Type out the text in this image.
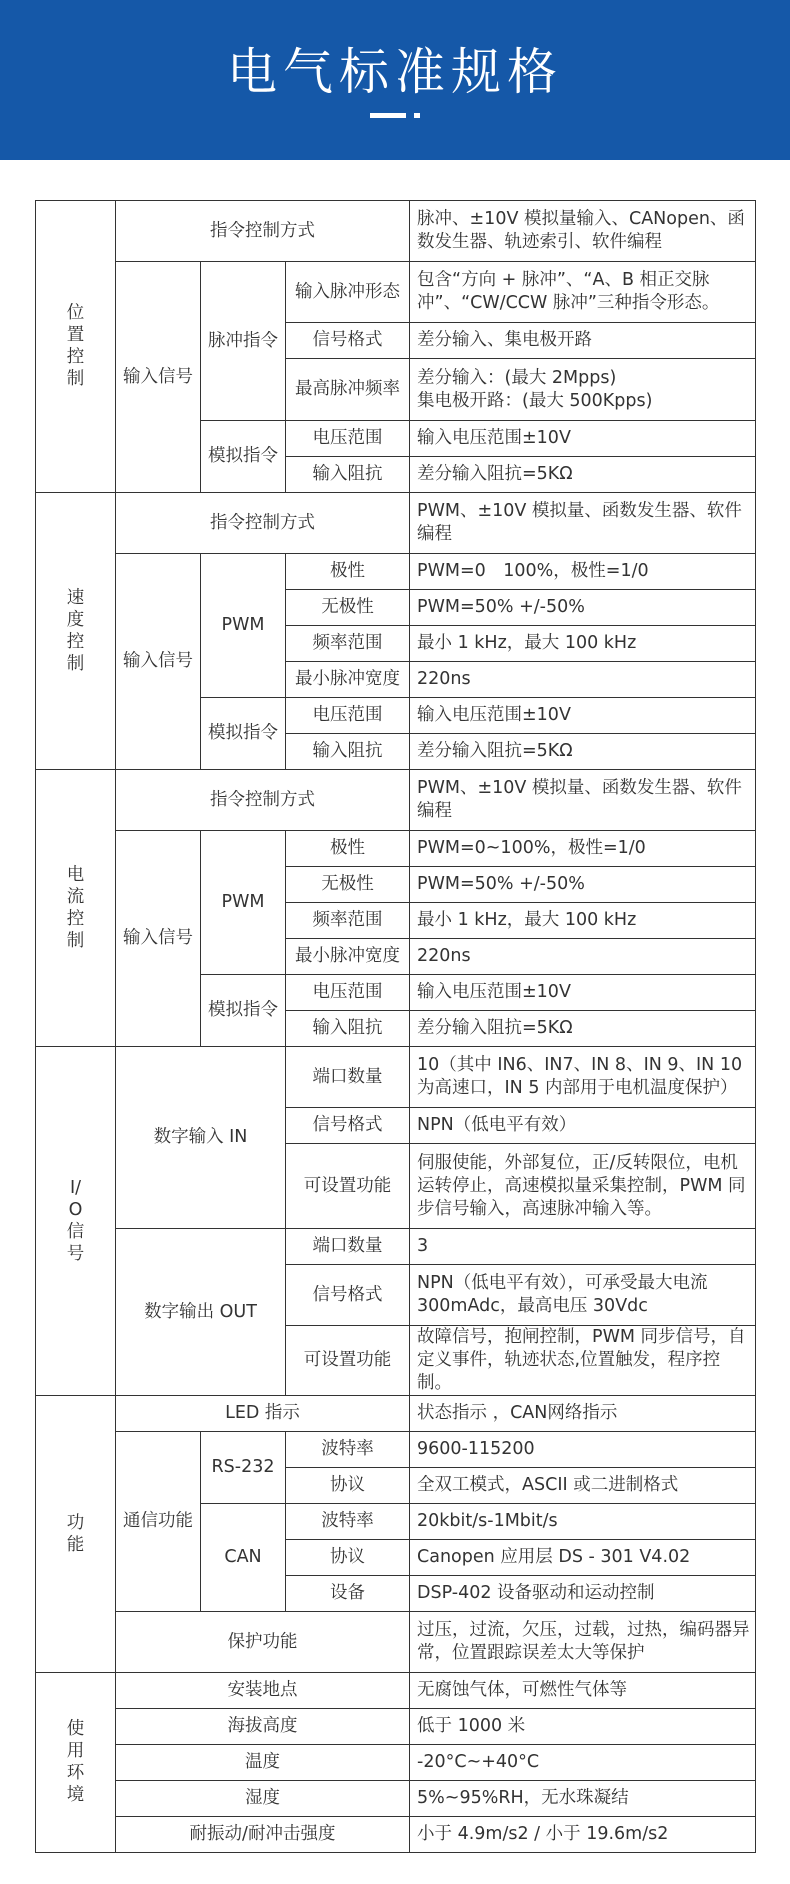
电气标准规格
位置控制	指令控制方式			脉冲、±10V 模拟量输入、CANopen、函数发生器、轨迹索引、软件编程
	输入信号	脉冲指令	输入脉冲形态	包含“方向 + 脉冲”、“A、B 相正交脉冲”、“CW/CCW 脉冲”三种指令形态。
			信号格式	差分输入、集电极开路
			最高脉冲频率	差分输入：(最大 2Mpps)
集电极开路：(最大 500Kpps)

		模拟指令	电压范围	输入电压范围±10V
			输入阻抗	差分输入阻抗=5KΩ
速度控制	指令控制方式			PWM、±10V 模拟量、函数发生器、软件编程
	输入信号	PWM	极性	PWM=0　100%，极性=1/0
			无极性	PWM=50% +/-50%
			频率范围	最小 1 kHz，最大 100 kHz
			最小脉冲宽度	220ns
		模拟指令	电压范围	输入电压范围±10V
			输入阻抗	差分输入阻抗=5KΩ
电流控制	指令控制方式			PWM、±10V 模拟量、函数发生器、软件编程
	输入信号	PWM	极性	PWM=0~100%，极性=1/0
			无极性	PWM=50% +/-50%
			频率范围	最小 1 kHz，最大 100 kHz
			最小脉冲宽度	220ns
		模拟指令	电压范围	输入电压范围±10V
			输入阻抗	差分输入阻抗=5KΩ
I/O信号	数字输入 IN		端口数量	10（其中 IN6、IN7、IN 8、IN 9、IN 10 为高速口，IN 5 内部用于电机温度保护）
			信号格式	NPN（低电平有效）
			可设置功能	伺服使能，外部复位，正/反转限位，电机运转停止，高速模拟量采集控制，PWM 同步信号输入，高速脉冲输入等。
	数字输出 OUT		端口数量	3
			信号格式	NPN（低电平有效），可承受最大电流 300mAdc，最高电压 30Vdc
			可设置功能	故障信号，抱闸控制，PWM 同步信号，自定义事件，轨迹状态,位置触发，程序控制。
功能	LED 指示			状态指示 ，CAN网络指示
	通信功能	RS-232	波特率	9600-115200
			协议	全双工模式，ASCII 或二进制格式
		CAN	波特率	20kbit/s-1Mbit/s
			协议	Canopen 应用层 DS - 301 V4.02
			设备	DSP-402 设备驱动和运动控制
	保护功能			过压，过流，欠压，过载，过热，编码器异常，位置跟踪误差太大等保护
使用环境	安装地点			无腐蚀气体，可燃性气体等
	海拔高度			低于 1000 米
	温度			-20°C~+40°C
	湿度			5%~95%RH，无水珠凝结
	耐振动/耐冲击强度			小于 4.9m/s2 / 小于 19.6m/s2
